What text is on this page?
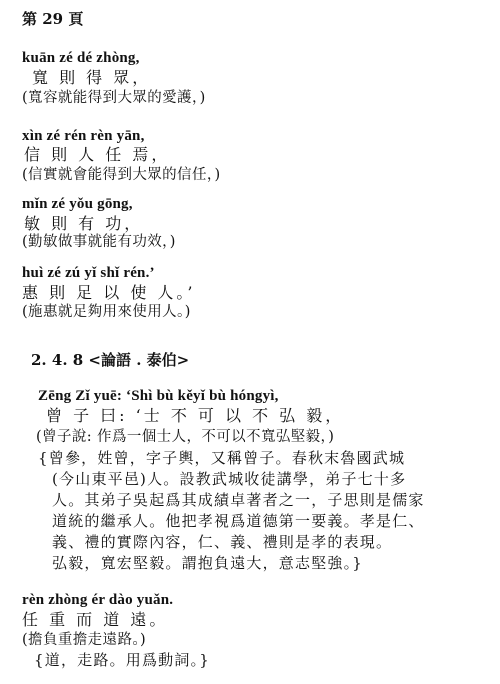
第 29 頁
kuān zé dé zhòng,
寬 則 得 眾，
(寬容就能得到大眾的愛護，)
xìn zé rén rèn yān,
信 則 人 任 焉，
(信實就會能得到大眾的信任，)
mǐn zé yǒu gōng,
敏 則 有 功，
(勤敏做事就能有功效，)
huì zé zú yǐ shǐ rén.’
惠 則 足 以 使 人。’
(施惠就足夠用來使用人。)
2. 4. 8 <論語 . 泰伯>
Zēng Zǐ yuē: ‘Shì bù kěyǐ bù hóngyì,
曾 子 曰: ‘士 不 可 以 不 弘 毅，
(曾子說: 作爲一個士人，不可以不寬弘堅毅，)
{曾參，姓曾，字子輿，又稱曾子。春秋末魯國武城
(今山東平邑)人。設教武城收徒講學，弟子七十多
人。其弟子吳起爲其成績卓著者之一，子思則是儒家
道統的繼承人。他把孝視爲道德第一要義。孝是仁、
義、禮的實際內容，仁、義、禮則是孝的表現。
弘毅，寬宏堅毅。謂抱負遠大，意志堅強。}
rèn zhòng ér dào yuǎn.
任 重 而 道 遠。
(擔負重擔走遠路。)
{道，走路。用爲動詞。}
